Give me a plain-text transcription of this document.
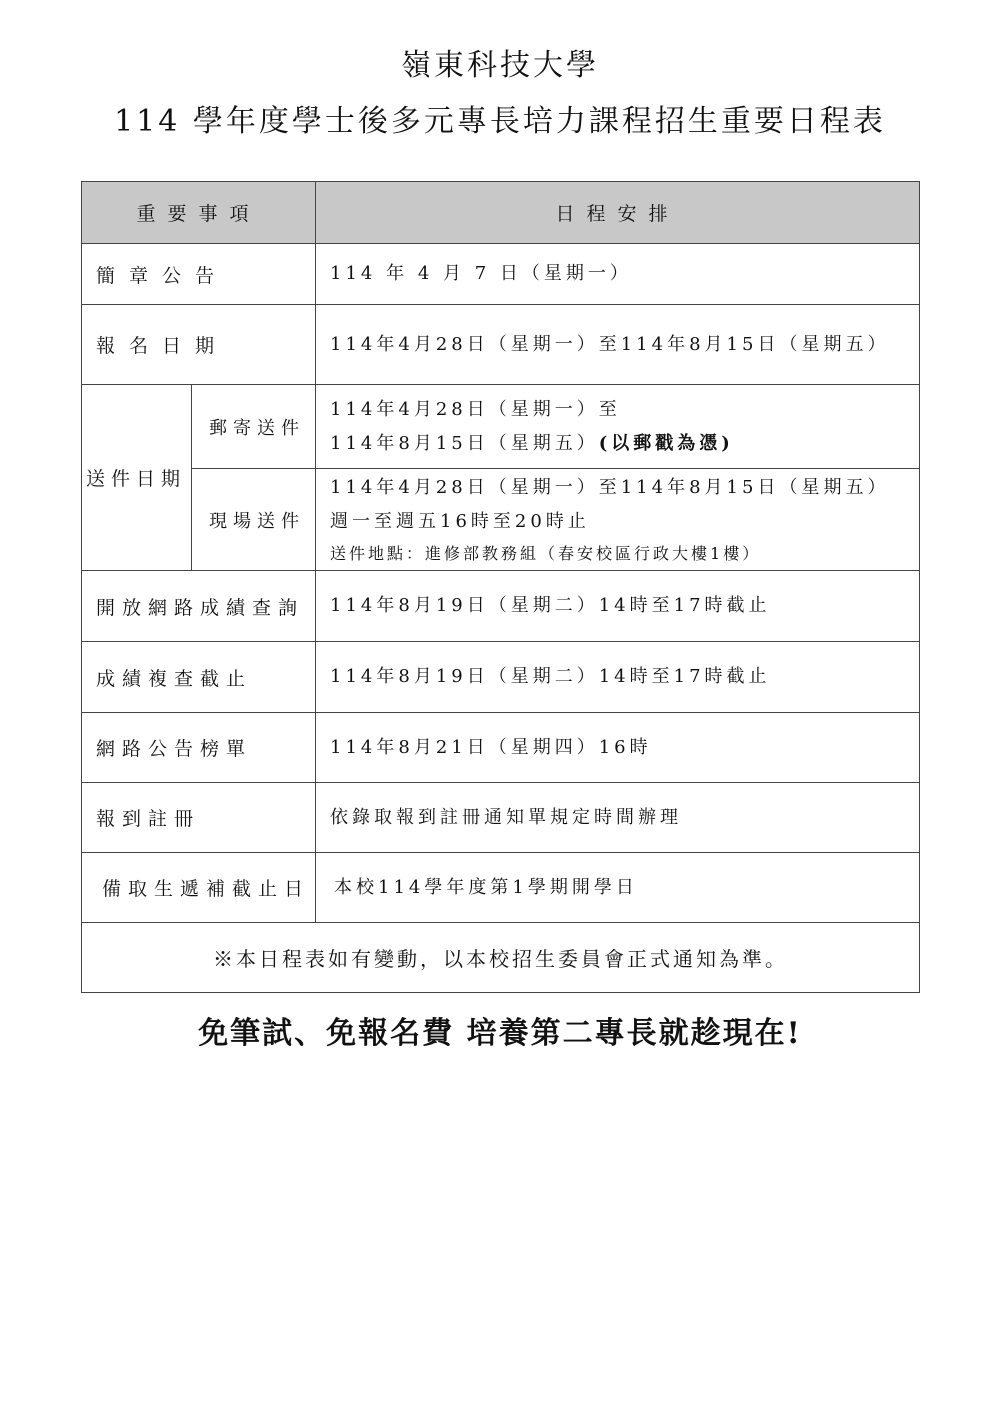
嶺東科技大學
114 學年度學士後多元專長培力課程招生重要日程表
重要事項		日程安排
簡章公告		114 年 4 月 7 日（星期一）
報名日期		114年4月28日（星期一）至114年8月15日（星期五）
送件日期	郵寄送件	114年4月28日（星期一）至
114年8月15日（星期五）(以郵戳為憑)

	現場送件	114年4月28日（星期一）至114年8月15日（星期五）
週一至週五16時至20時止
送件地點：進修部教務組（春安校區行政大樓1樓）

開放網路成績查詢		114年8月19日（星期二）14時至17時截止
成績複查截止		114年8月19日（星期二）14時至17時截止
網路公告榜單		114年8月21日（星期四）16時
報到註冊		依錄取報到註冊通知單規定時間辦理
備取生遞補截止日		本校114學年度第1學期開學日
※本日程表如有變動，以本校招生委員會正式通知為準。		
免筆試、免報名費 培養第二專長就趁現在!
